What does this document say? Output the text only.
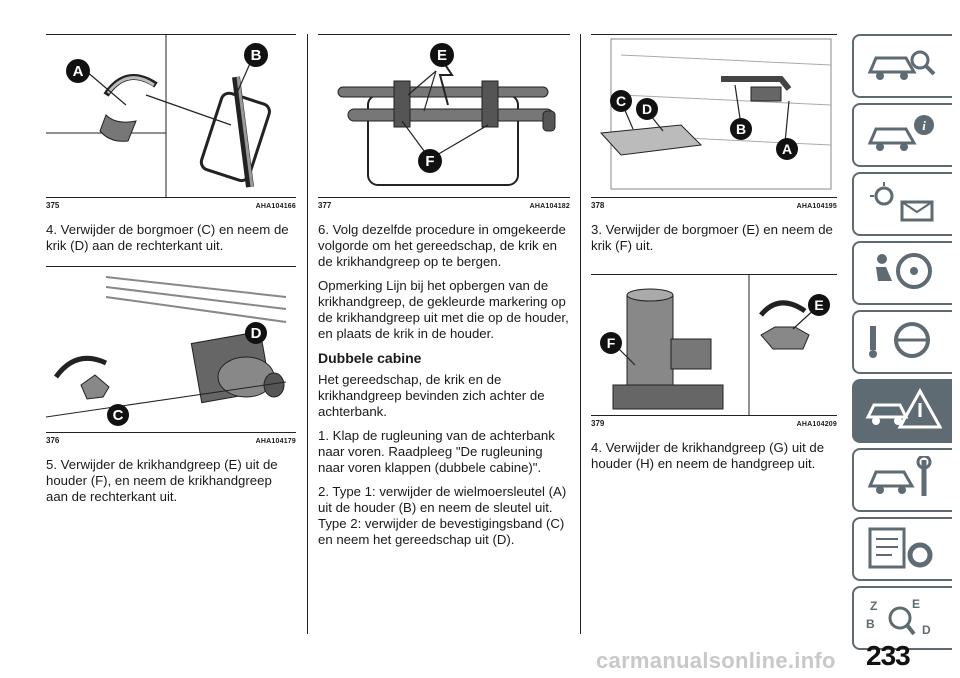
A
B
375	AHA104166

4. Verwijder de borgmoer (C) en neem de krik (D) aan de rechterkant uit.

D
C
376	AHA104179

5. Verwijder de krikhandgreep (E) uit de houder (F), en neem de krikhandgreep aan de rechterkant uit.

E
F
377	AHA104182

6. Volg dezelfde procedure in omgekeerde volgorde om het gereedschap, de krik en de krikhandgreep op te bergen.

Opmerking Lijn bij het opbergen van de krikhandgreep, de gekleurde markering op de krikhandgreep uit met die op de houder, en plaats de krik in de houder.

Dubbele cabine

Het gereedschap, de krik en de krikhandgreep bevinden zich achter de achterbank.

1. Klap de rugleuning van de achterbank naar voren. Raadpleeg "De rugleuning naar voren klappen (dubbele cabine)".

2. Type 1: verwijder de wielmoersleutel (A) uit de houder (B) en neem de sleutel uit. Type 2: verwijder de bevestigingsband (C) en neem het gereedschap uit (D).

C D
B
A
378	AHA104195

3. Verwijder de borgmoer (E) en neem de krik (F) uit.

F
E
379	AHA104209

4. Verwijder de krikhandgreep (G) uit de houder (H) en neem de handgreep uit.

i
Z	E
B	D
233
carmanualsonline.info
